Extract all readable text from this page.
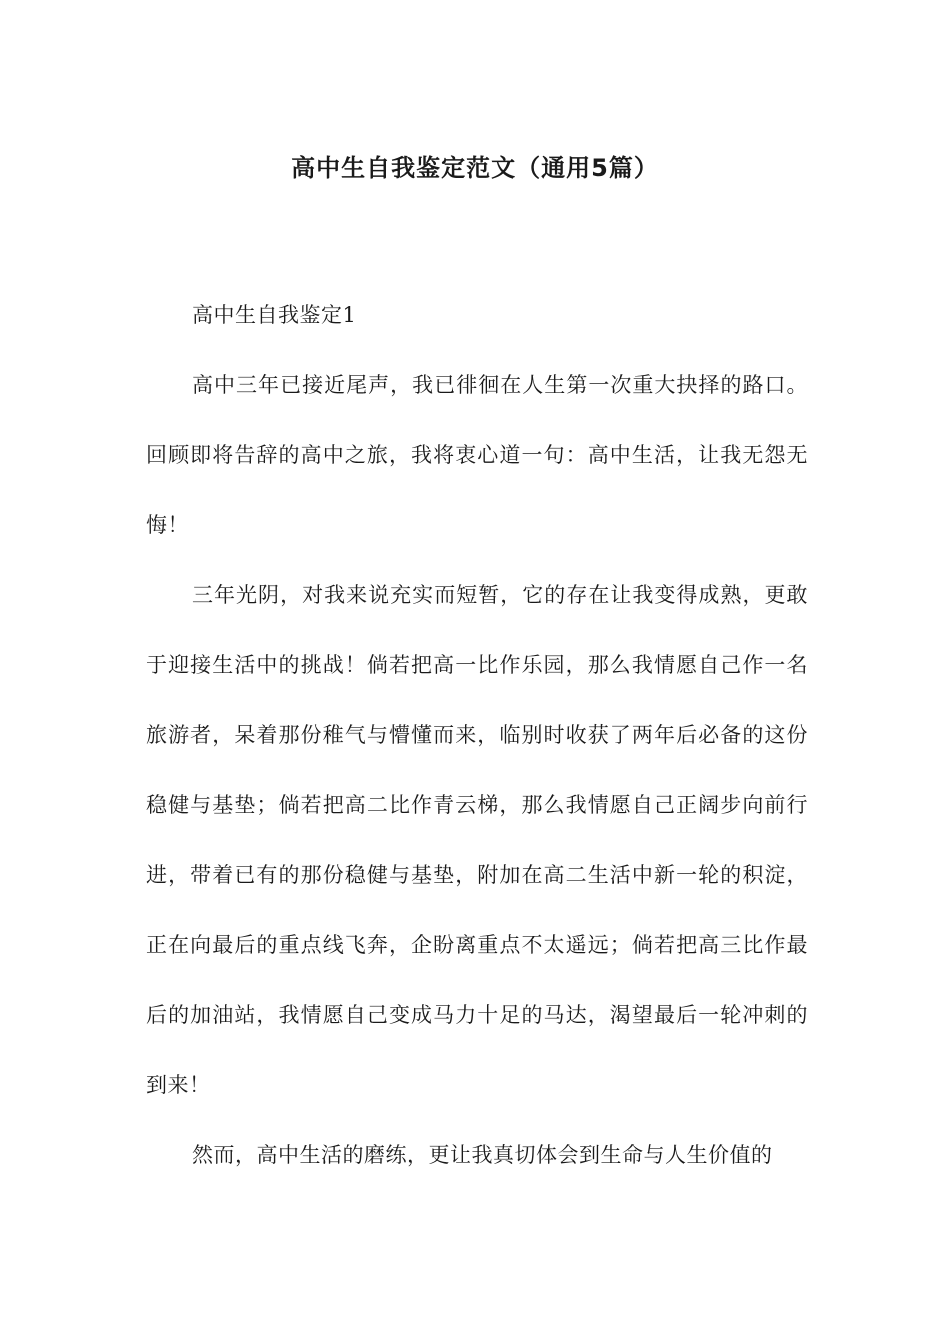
高中生自我鉴定范文（通用5篇）

高中生自我鉴定1

高中三年已接近尾声，我已徘徊在人生第一次重大抉择的路口。回顾即将告辞的高中之旅，我将衷心道一句：高中生活，让我无怨无悔！

三年光阴，对我来说充实而短暂，它的存在让我变得成熟，更敢于迎接生活中的挑战！倘若把高一比作乐园，那么我情愿自己作一名旅游者，呆着那份稚气与懵懂而来，临别时收获了两年后必备的这份稳健与基垫；倘若把高二比作青云梯，那么我情愿自己正阔步向前行进，带着已有的那份稳健与基垫，附加在高二生活中新一轮的积淀，正在向最后的重点线飞奔，企盼离重点不太遥远；倘若把高三比作最后的加油站，我情愿自己变成马力十足的马达，渴望最后一轮冲刺的到来！

然而，高中生活的磨练，更让我真切体会到生命与人生价值的
